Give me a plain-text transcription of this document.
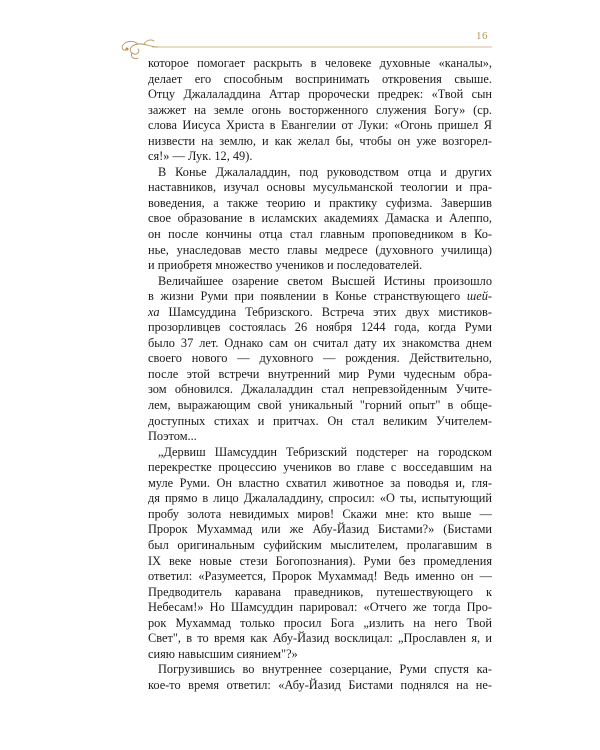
16

которое помогает раскрыть в человеке духовные «каналы»,
делает его способным воспринимать откровения свыше.
Отцу Джалаладдина Аттар пророчески предрек: «Твой сын
зажжет на земле огонь восторженного служения Богу» (ср.
слова Иисуса Христа в Евангелии от Луки: «Огонь пришел Я
низвести на землю, и как желал бы, чтобы он уже возгорел-
ся!» — Лук. 12, 49).

В Конье Джалаладдин, под руководством отца и других
наставников, изучал основы мусульманской теологии и пра-
воведения, а также теорию и практику суфизма. Завершив
свое образование в исламских академиях Дамаска и Алеппо,
он после кончины отца стал главным проповедником в Ко-
нье, унаследовав место главы медресе (духовного училища)
и приобретя множество учеников и последователей.

Величайшее озарение светом Высшей Истины произошло
в жизни Руми при появлении в Конье странствующего шей-
ха Шамсуддина Тебризского. Встреча этих двух мистиков-
прозорливцев состоялась 26 ноября 1244 года, когда Руми
было 37 лет. Однако сам он считал дату их знакомства днем
своего нового — духовного — рождения. Действительно,
после этой встречи внутренний мир Руми чудесным обра-
зом обновился. Джалаладдин стал непревзойденным Учите-
лем, выражающим свой уникальный "горний опыт" в обще-
доступных стихах и притчах. Он стал великим Учителем-
Поэтом...

„Дервиш Шамсуддин Тебризский подстерег на городском
перекрестке процессию учеников во главе с восседавшим на
муле Руми. Он властно схватил животное за поводья и, гля-
дя прямо в лицо Джалаладдину, спросил: «О ты, испытующий
пробу золота невидимых миров! Скажи мне: кто выше —
Пророк Мухаммад или же Абу-Йазид Бистами?» (Бистами
был оригинальным суфийским мыслителем, пролагавшим в
IX веке новые стези Богопознания). Руми без промедления
ответил: «Разумеется, Пророк Мухаммад! Ведь именно он —
Предводитель каравана праведников, путешествующего к
Небесам!» Но Шамсуддин парировал: «Отчего же тогда Про-
рок Мухаммад только просил Бога „излить на него Твой
Свет", в то время как Абу-Йазид восклицал: „Прославлен я, и
сияю навысшим сиянием"?»

Погрузившись во внутреннее созерцание, Руми спустя ка-
кое-то время ответил: «Абу-Йазид Бистами поднялся на не-
